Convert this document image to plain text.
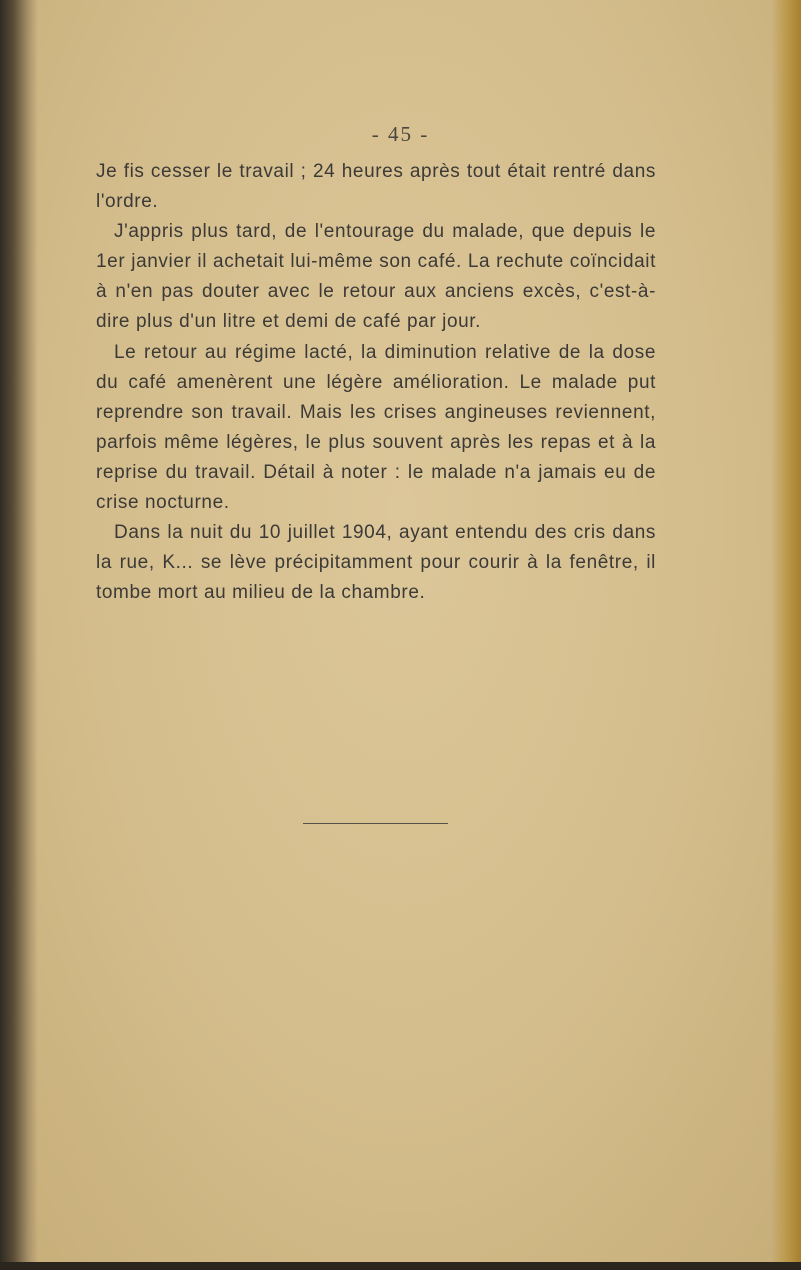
- 45 -

Je fis cesser le travail ; 24 heures après tout était rentré dans l'ordre.

J'appris plus tard, de l'entourage du malade, que depuis le 1er janvier il achetait lui-même son café. La rechute coïncidait à n'en pas douter avec le retour aux anciens excès, c'est-à-dire plus d'un litre et demi de café par jour.

Le retour au régime lacté, la diminution relative de la dose du café amenèrent une légère amélioration. Le malade put reprendre son travail. Mais les crises angineuses reviennent, parfois même légères, le plus souvent après les repas et à la reprise du travail. Détail à noter : le malade n'a jamais eu de crise nocturne.

Dans la nuit du 10 juillet 1904, ayant entendu des cris dans la rue, K... se lève précipitamment pour courir à la fenêtre, il tombe mort au milieu de la chambre.
